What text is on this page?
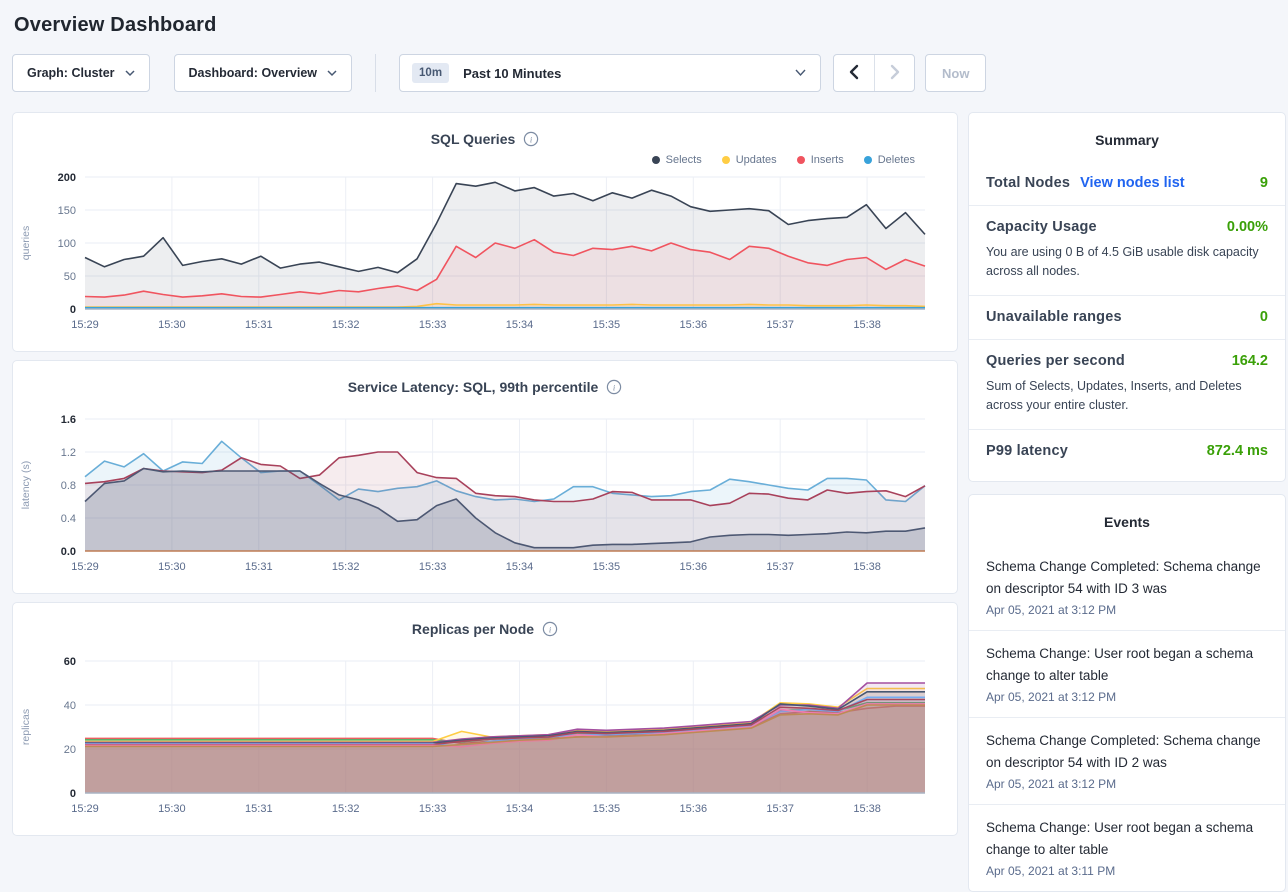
Overview Dashboard
Graph: Cluster	Dashboard: Overview	10m	Past 10 Minutes	Now
SQL Queries i
Selects	Updates	Inserts	Deletes
0
50
100
150
200
15:29	15:30	15:31	15:32	15:33	15:34	15:35	15:36	15:37	15:38
queries
Service Latency: SQL, 99th percentile i
0.0
0.4
0.8
1.2
1.6
15:29	15:30	15:31	15:32	15:33	15:34	15:35	15:36	15:37	15:38
latency (s)
Replicas per Node i
0
20
40
60
15:29	15:30	15:31	15:32	15:33	15:34	15:35	15:36	15:37	15:38
replicas
Summary
Total Nodes View nodes list	9
Capacity Usage	0.00%
You are using 0 B of 4.5 GiB usable disk capacity across all nodes.
Unavailable ranges	0
Queries per second	164.2
Sum of Selects, Updates, Inserts, and Deletes across your entire cluster.
P99 latency	872.4 ms
Events
Schema Change Completed: Schema change on descriptor 54 with ID 3 was
Apr 05, 2021 at 3:12 PM
Schema Change: User root began a schema change to alter table
Apr 05, 2021 at 3:12 PM
Schema Change Completed: Schema change on descriptor 54 with ID 2 was
Apr 05, 2021 at 3:12 PM
Schema Change: User root began a schema change to alter table
Apr 05, 2021 at 3:11 PM
